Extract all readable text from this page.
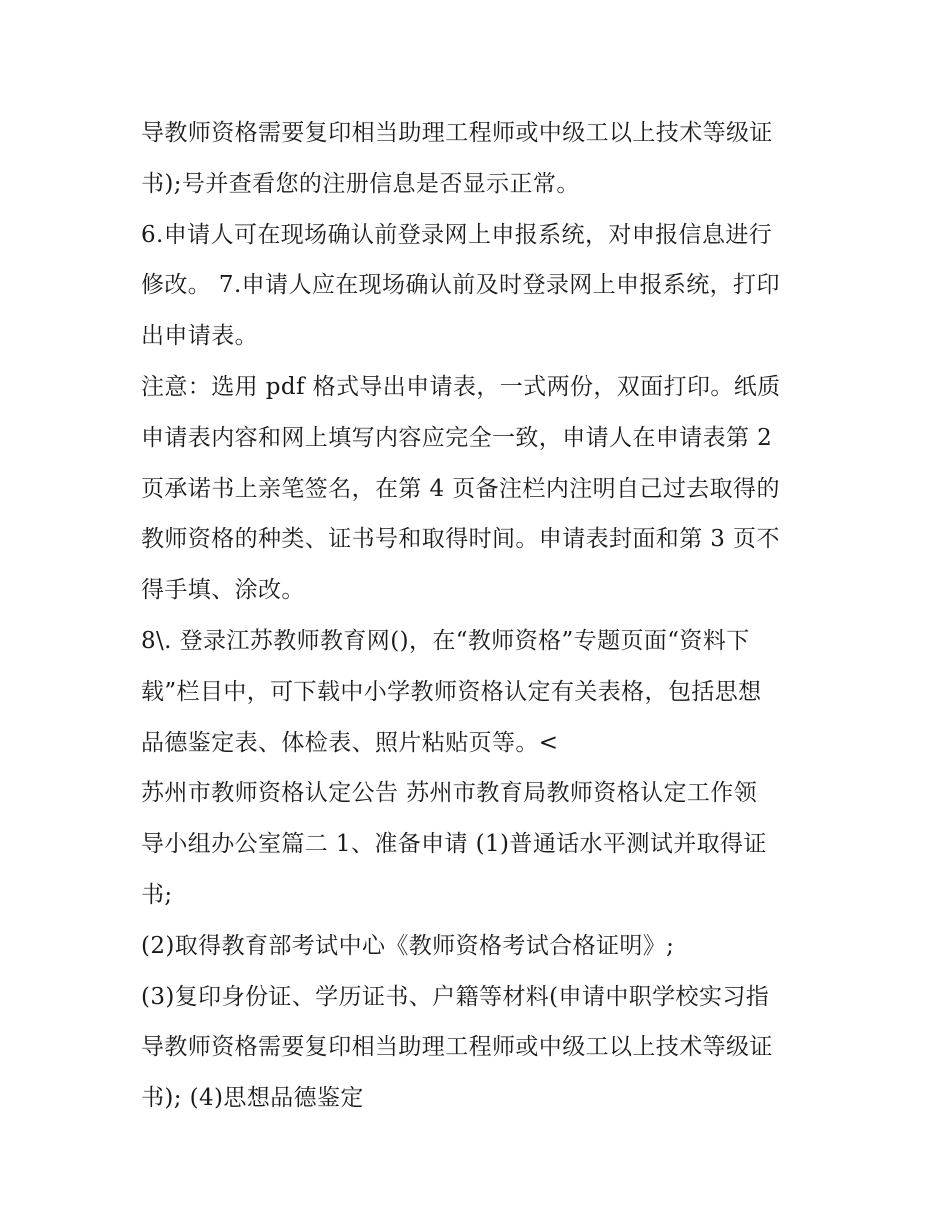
导教师资格需要复印相当助理工程师或中级工以上技术等级证
书);号并查看您的注册信息是否显示正常。
6.申请人可在现场确认前登录网上申报系统，对申报信息进行
修改。 7.申请人应在现场确认前及时登录网上申报系统，打印
出申请表。
注意：选用 pdf 格式导出申请表，一式两份，双面打印。纸质
申请表内容和网上填写内容应完全一致，申请人在申请表第 2
页承诺书上亲笔签名，在第 4 页备注栏内注明自己过去取得的
教师资格的种类、证书号和取得时间。申请表封面和第 3 页不
得手填、涂改。
8\. 登录江苏教师教育网()，在“教师资格”专题页面“资料下
载”栏目中，可下载中小学教师资格认定有关表格，包括思想
品德鉴定表、体检表、照片粘贴页等。<
苏州市教师资格认定公告 苏州市教育局教师资格认定工作领
导小组办公室篇二 1、准备申请 (1)普通话水平测试并取得证
书;
(2)取得教育部考试中心《教师资格考试合格证明》;
(3)复印身份证、学历证书、户籍等材料(申请中职学校实习指
导教师资格需要复印相当助理工程师或中级工以上技术等级证
书); (4)思想品德鉴定
